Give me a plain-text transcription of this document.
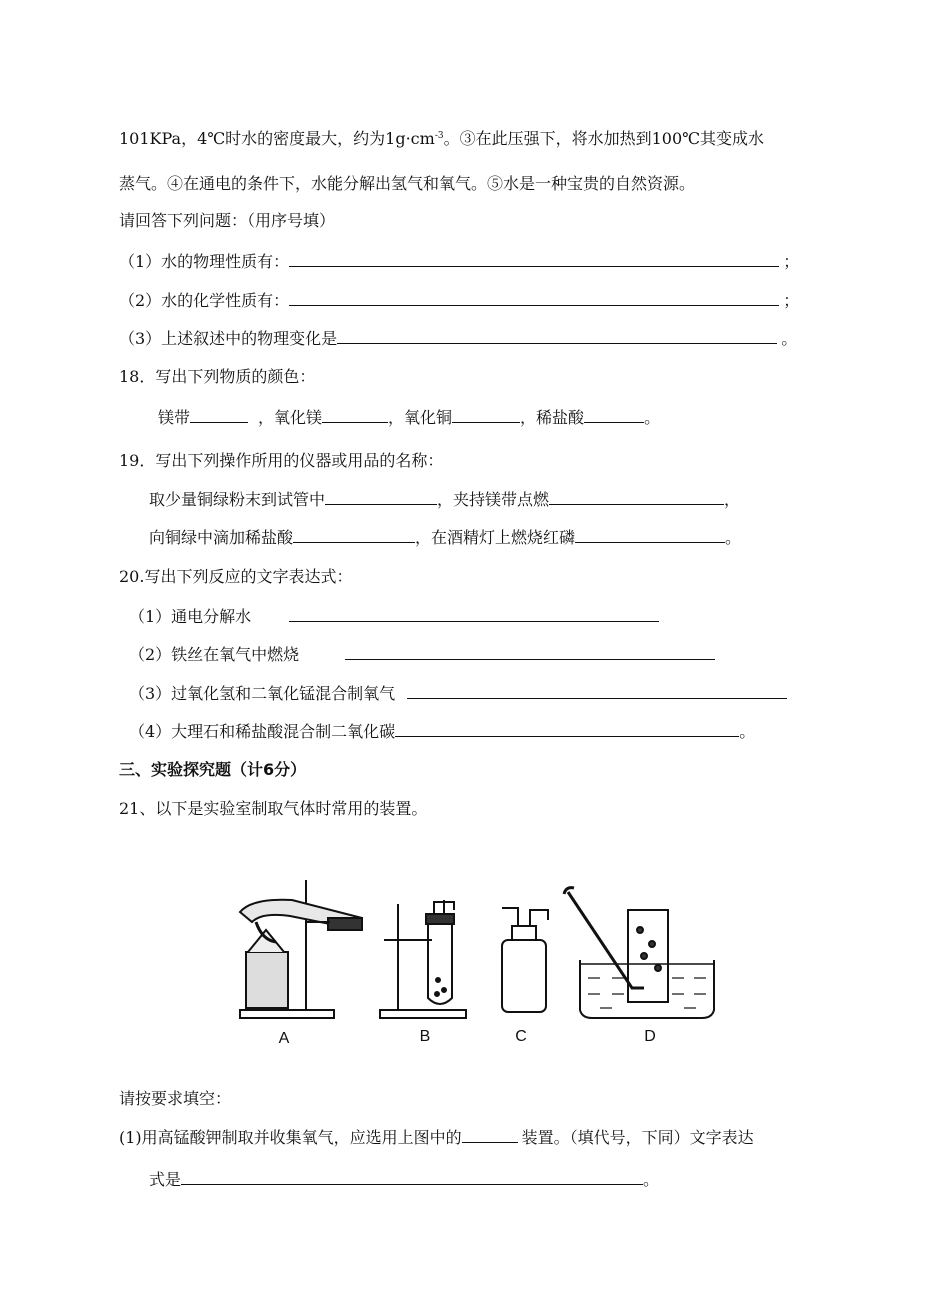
101KPa，4℃时水的密度最大，约为$1g\cdot cm^{-3}$。③在此压强下，将水加热到100℃其变成水
蒸气。④在通电的条件下，水能分解出氢气和氧气。⑤水是一种宝贵的自然资源。
请回答下列问题：（用序号填）
（1）水的物理性质有：	；
（2）水的化学性质有：	；
（3）上述叙述中的物理变化是	。
18．写出下列物质的颜色：
镁带	，氧化镁	，氧化铜	，稀盐酸	。
19．写出下列操作所用的仪器或用品的名称：
取少量铜绿粉末到试管中	，夹持镁带点燃	，
向铜绿中滴加稀盐酸	，在酒精灯上燃烧红磷	。
20.写出下列反应的文字表达式：
（1）通电分解水
（2）铁丝在氧气中燃烧
（3）过氧化氢和二氧化锰混合制氧气
（4）大理石和稀盐酸混合制二氧化碳	。
三、实验探究题（计6分）
21、以下是实验室制取气体时常用的装置。
A	B	C	D
请按要求填空：
(1)用高锰酸钾制取并收集氧气，应选用上图中的	装置。（填代号，下同）文字表达
式是	。
